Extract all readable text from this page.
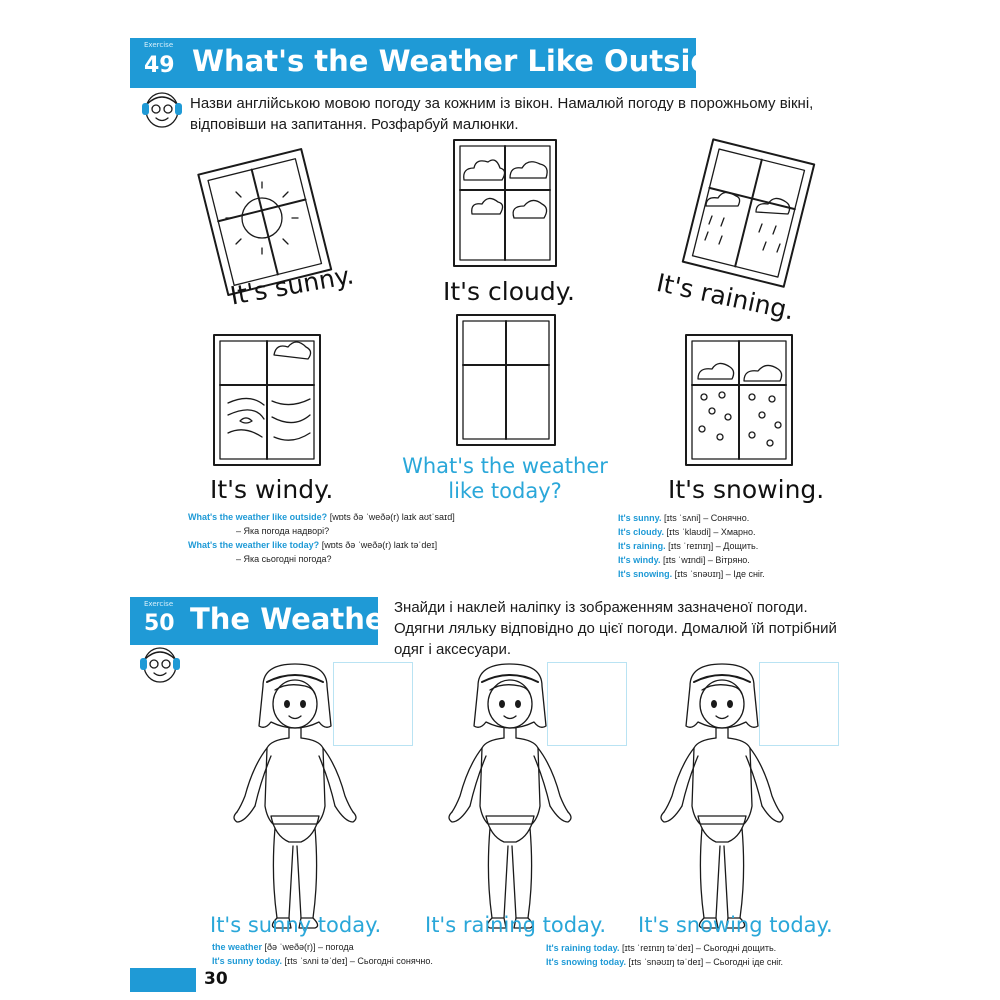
Exercise
49 What's the Weather Like Outside?
Назви англійською мовою погоду за кожним із вікон. Намалюй погоду в порожньому вікні,
відповівши на запитання. Розфарбуй малюнки.
It's sunny.	It's cloudy.	It's raining.
It's windy.
What's the weather
like today?	It's snowing.
What's the weather like outside? [wɒts ðə ˈweðə(r) laɪk aʊtˈsaɪd]
– Яка погода надворі?
What's the weather like today? [wɒts ðə ˈweðə(r) laɪk təˈdeɪ]
– Яка сьогодні погода?
It's sunny. [ɪts ˈsʌni] – Сонячно.
It's cloudy. [ɪts ˈklaʊdi] – Хмарно.
It's raining. [ɪts ˈreɪnɪŋ] – Дощить.
It's windy. [ɪts ˈwɪndi] – Вітряно.
It's snowing. [ɪts ˈsnəʊɪŋ] – Іде сніг.
Exercise
50 The Weather
Знайди і наклей наліпку із зображенням зазначеної погоди.
Одягни ляльку відповідно до цієї погоди. Домалюй їй потрібний
одяг і аксесуари.
It's sunny today. It's raining today. It's snowing today.
the weather [ðə ˈweðə(r)] – погода
It's sunny today. [ɪts ˈsʌni təˈdeɪ] – Сьогодні сонячно.
It's raining today. [ɪts ˈreɪnɪŋ təˈdeɪ] – Сьогодні дощить.
It's snowing today. [ɪts ˈsnəʊɪŋ təˈdeɪ] – Сьогодні іде сніг.
30
